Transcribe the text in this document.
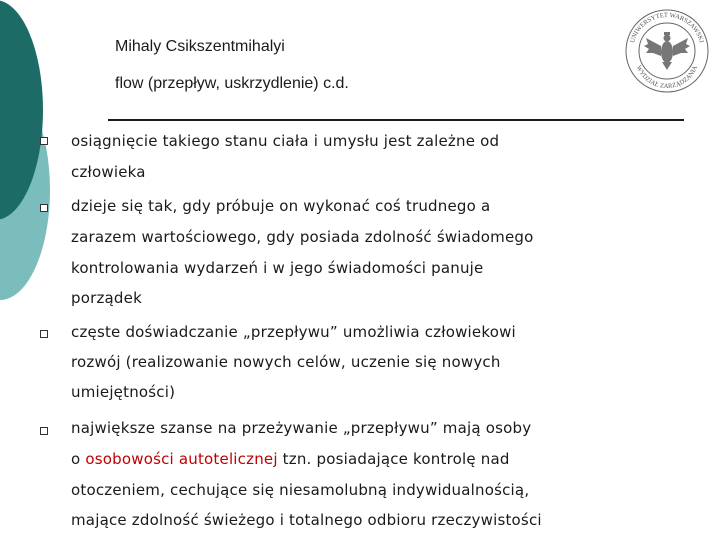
Mihaly Csikszentmihalyi
flow (przepływ, uskrzydlenie) c.d.
UNIWERSYTET WARSZAWSKI
WYDZIAŁ ZARZĄDZANIA
osiągnięcie takiego stanu ciała i umysłu jest zależne od
człowieka
dzieje się tak, gdy próbuje on wykonać coś trudnego a
zarazem wartościowego, gdy posiada zdolność świadomego
kontrolowania wydarzeń i w jego świadomości panuje
porządek
częste doświadczanie „przepływu” umożliwia człowiekowi
rozwój (realizowanie nowych celów, uczenie się nowych
umiejętności)
największe szanse na przeżywanie „przepływu” mają osoby
o osobowości autotelicznej tzn. posiadające kontrolę nad
otoczeniem, cechujące się niesamolubną indywidualnością,
mające zdolność świeżego i totalnego odbioru rzeczywistości
